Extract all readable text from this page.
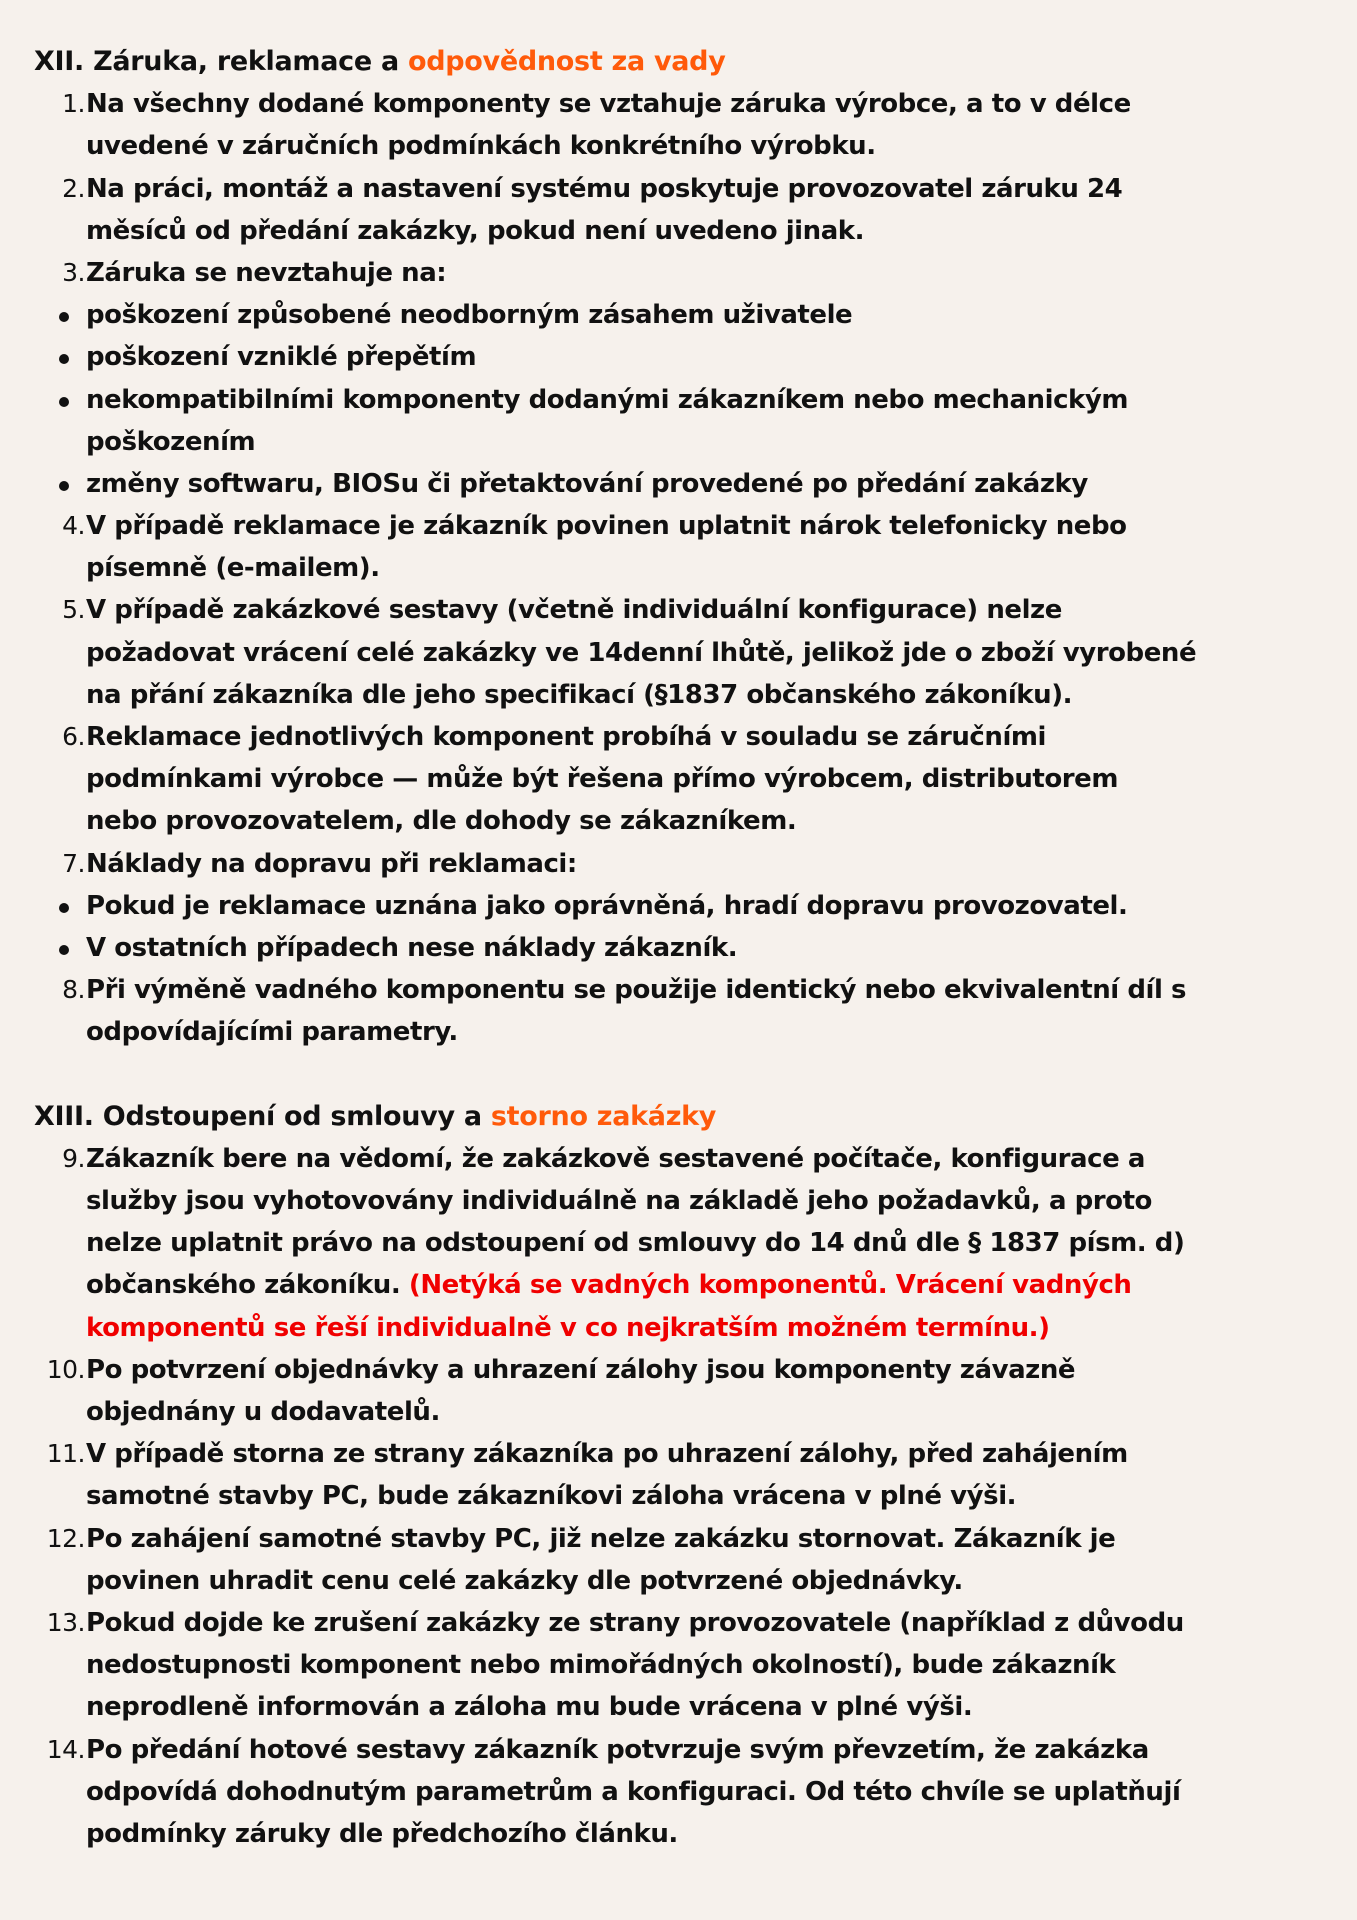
XII. Záruka, reklamace a odpovědnost za vady
1. Na všechny dodané komponenty se vztahuje záruka výrobce, a to v délce
uvedené v záručních podmínkách konkrétního výrobku.
2. Na práci, montáž a nastavení systému poskytuje provozovatel záruku 24
měsíců od předání zakázky, pokud není uvedeno jinak.
3. Záruka se nevztahuje na:
poškození způsobené neodborným zásahem uživatele
poškození vzniklé přepětím
nekompatibilními komponenty dodanými zákazníkem nebo mechanickým
poškozením
změny softwaru, BIOSu či přetaktování provedené po předání zakázky
4. V případě reklamace je zákazník povinen uplatnit nárok telefonicky nebo
písemně (e-mailem).
5. V případě zakázkové sestavy (včetně individuální konfigurace) nelze
požadovat vrácení celé zakázky ve 14denní lhůtě, jelikož jde o zboží vyrobené
na přání zákazníka dle jeho specifikací (§1837 občanského zákoníku).
6. Reklamace jednotlivých komponent probíhá v souladu se záručními
podmínkami výrobce — může být řešena přímo výrobcem, distributorem
nebo provozovatelem, dle dohody se zákazníkem.
7. Náklady na dopravu při reklamaci:
Pokud je reklamace uznána jako oprávněná, hradí dopravu provozovatel.
V ostatních případech nese náklady zákazník.
8. Při výměně vadného komponentu se použije identický nebo ekvivalentní díl s
odpovídajícími parametry.
XIII. Odstoupení od smlouvy a storno zakázky
9. Zákazník bere na vědomí, že zakázkově sestavené počítače, konfigurace a
služby jsou vyhotovovány individuálně na základě jeho požadavků, a proto
nelze uplatnit právo na odstoupení od smlouvy do 14 dnů dle § 1837 písm. d)
občanského zákoníku. (Netýká se vadných komponentů. Vrácení vadných
komponentů se řeší individualně v co nejkratším možném termínu.)
10. Po potvrzení objednávky a uhrazení zálohy jsou komponenty závazně
objednány u dodavatelů.
11. V případě storna ze strany zákazníka po uhrazení zálohy, před zahájením
samotné stavby PC, bude zákazníkovi záloha vrácena v plné výši.
12. Po zahájení samotné stavby PC, již nelze zakázku stornovat. Zákazník je
povinen uhradit cenu celé zakázky dle potvrzené objednávky.
13. Pokud dojde ke zrušení zakázky ze strany provozovatele (například z důvodu
nedostupnosti komponent nebo mimořádných okolností), bude zákazník
neprodleně informován a záloha mu bude vrácena v plné výši.
14. Po předání hotové sestavy zákazník potvrzuje svým převzetím, že zakázka
odpovídá dohodnutým parametrům a konfiguraci. Od této chvíle se uplatňují
podmínky záruky dle předchozího článku.
